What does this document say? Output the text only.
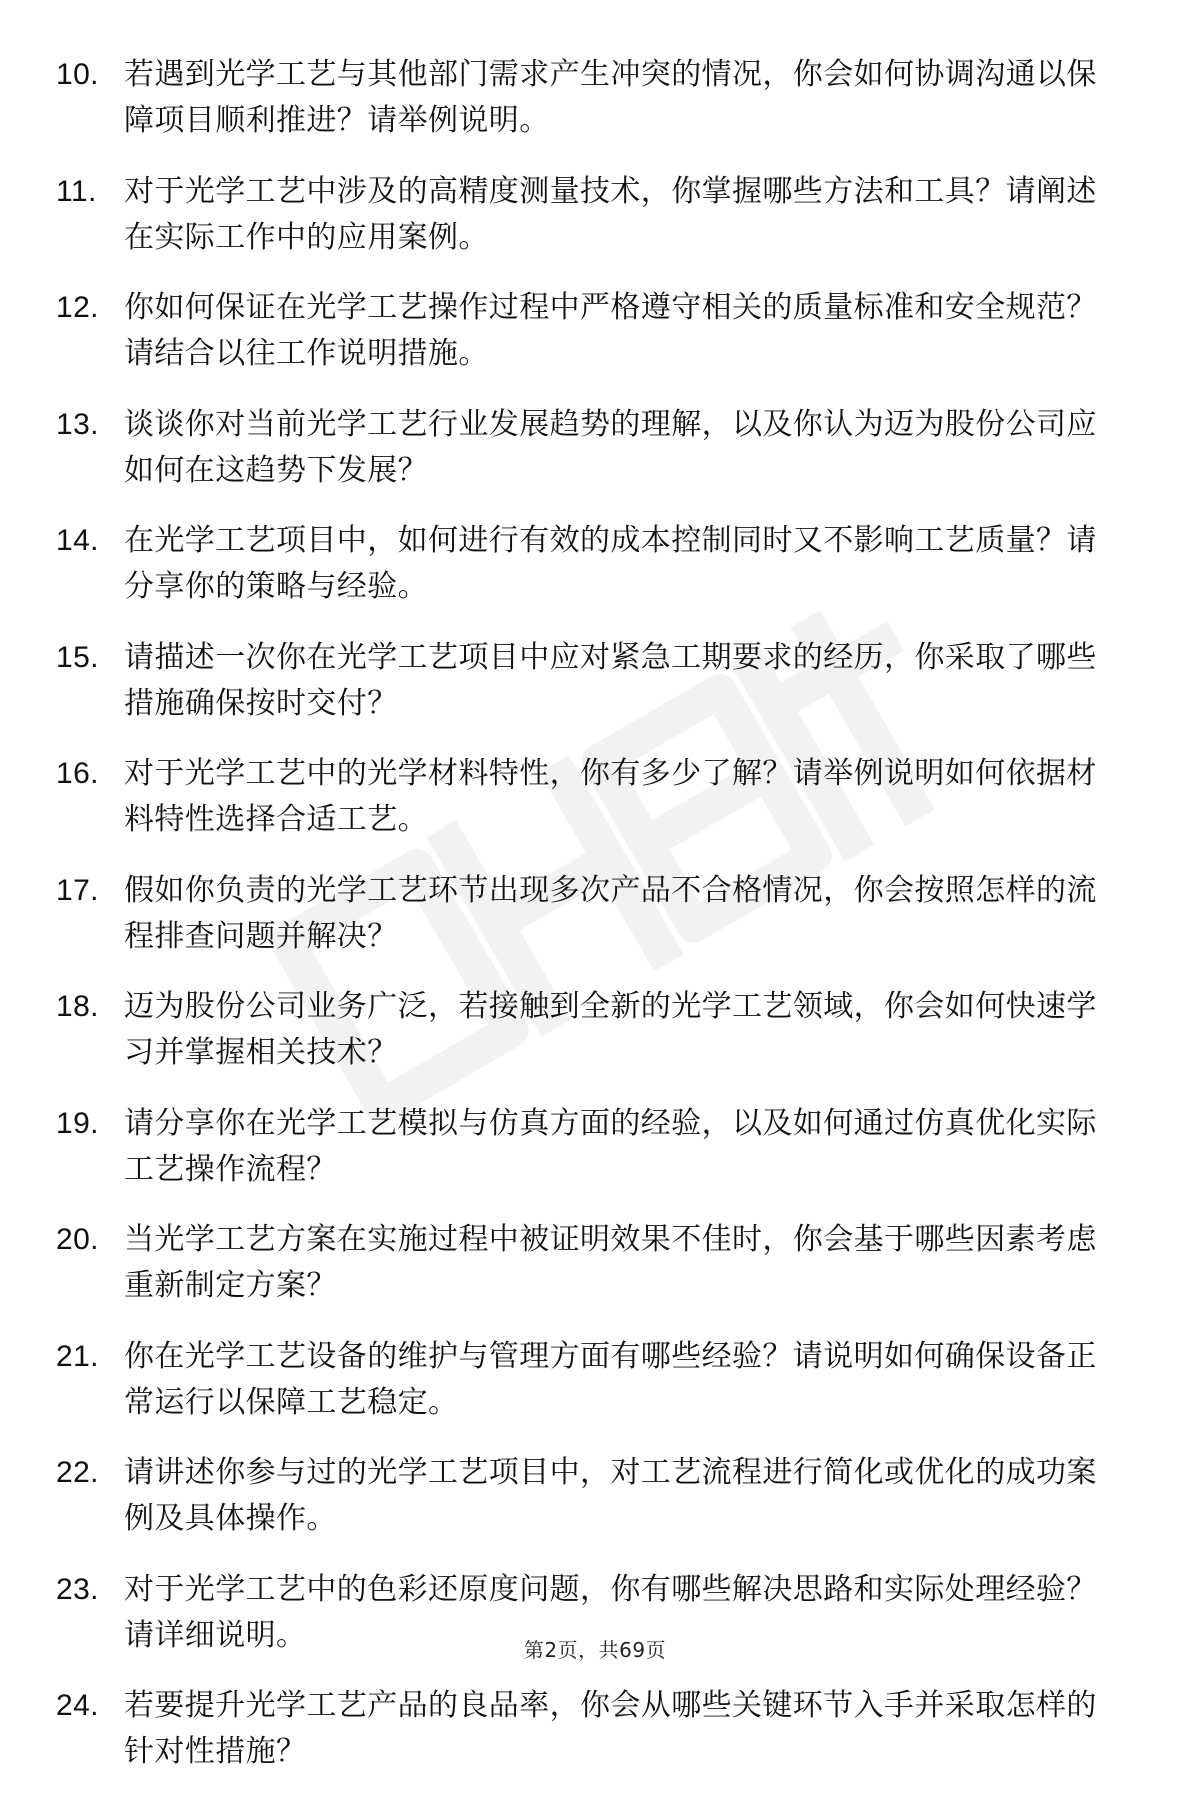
10. 若遇到光学工艺与其他部门需求产生冲突的情况，你会如何协调沟通以保障项目顺利推进？请举例说明。
11. 对于光学工艺中涉及的高精度测量技术，你掌握哪些方法和工具？请阐述在实际工作中的应用案例。
12. 你如何保证在光学工艺操作过程中严格遵守相关的质量标准和安全规范？请结合以往工作说明措施。
13. 谈谈你对当前光学工艺行业发展趋势的理解，以及你认为迈为股份公司应如何在这趋势下发展？
14. 在光学工艺项目中，如何进行有效的成本控制同时又不影响工艺质量？请分享你的策略与经验。
15. 请描述一次你在光学工艺项目中应对紧急工期要求的经历，你采取了哪些措施确保按时交付？
16. 对于光学工艺中的光学材料特性，你有多少了解？请举例说明如何依据材料特性选择合适工艺。
17. 假如你负责的光学工艺环节出现多次产品不合格情况，你会按照怎样的流程排查问题并解决？
18. 迈为股份公司业务广泛，若接触到全新的光学工艺领域，你会如何快速学习并掌握相关技术？
19. 请分享你在光学工艺模拟与仿真方面的经验，以及如何通过仿真优化实际工艺操作流程？
20. 当光学工艺方案在实施过程中被证明效果不佳时，你会基于哪些因素考虑重新制定方案？
21. 你在光学工艺设备的维护与管理方面有哪些经验？请说明如何确保设备正常运行以保障工艺稳定。
22. 请讲述你参与过的光学工艺项目中，对工艺流程进行简化或优化的成功案例及具体操作。
23. 对于光学工艺中的色彩还原度问题，你有哪些解决思路和实际处理经验？请详细说明。
24. 若要提升光学工艺产品的良品率，你会从哪些关键环节入手并采取怎样的针对性措施？
第2页，共69页
